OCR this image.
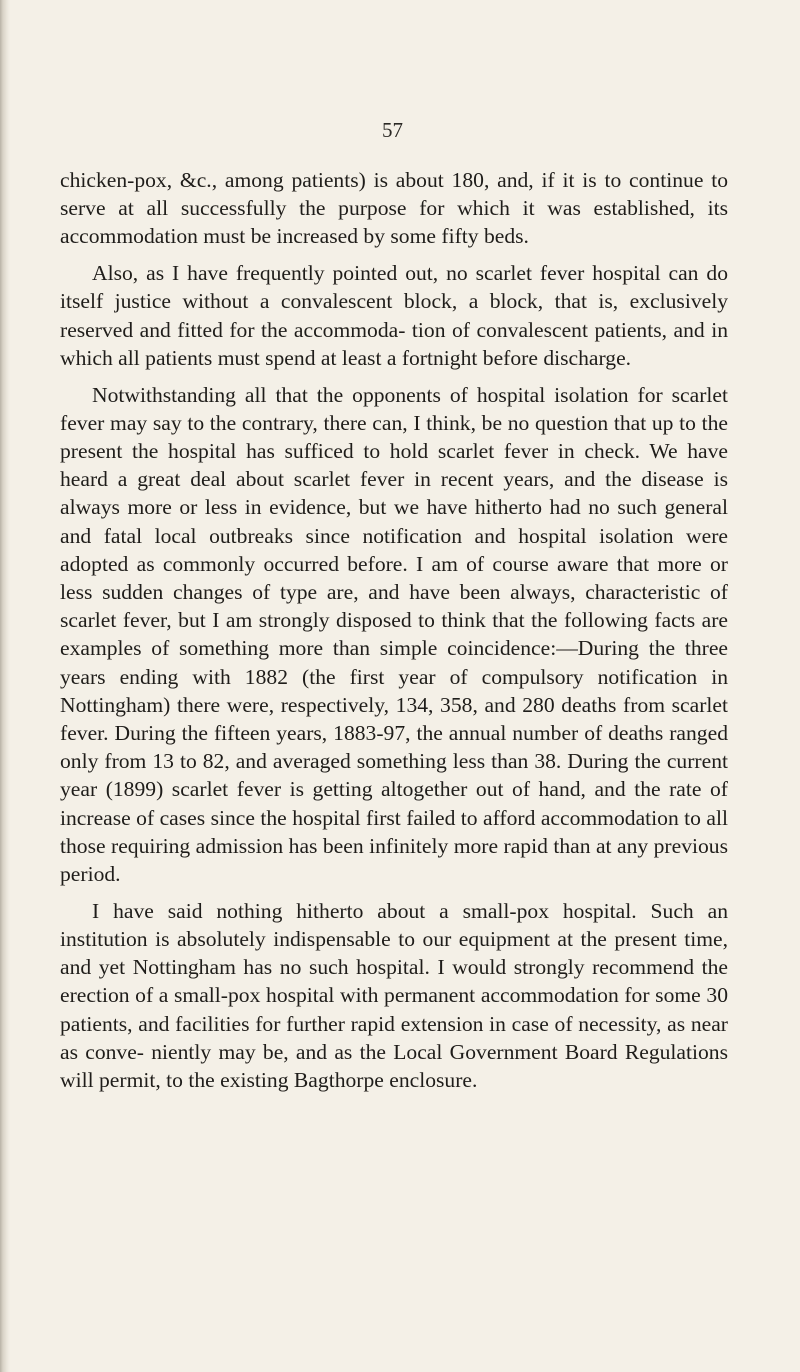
57

chicken-pox, &c., among patients) is about 180, and, if it is to continue to serve at all successfully the purpose for which it was established, its accommodation must be increased by some fifty beds.

Also, as I have frequently pointed out, no scarlet fever hospital can do itself justice without a convalescent block, a block, that is, exclusively reserved and fitted for the accommoda- tion of convalescent patients, and in which all patients must spend at least a fortnight before discharge.

Notwithstanding all that the opponents of hospital isolation for scarlet fever may say to the contrary, there can, I think, be no question that up to the present the hospital has sufficed to hold scarlet fever in check. We have heard a great deal about scarlet fever in recent years, and the disease is always more or less in evidence, but we have hitherto had no such general and fatal local outbreaks since notification and hospital isolation were adopted as commonly occurred before. I am of course aware that more or less sudden changes of type are, and have been always, characteristic of scarlet fever, but I am strongly disposed to think that the following facts are examples of something more than simple coincidence:—During the three years ending with 1882 (the first year of compulsory notification in Nottingham) there were, respectively, 134, 358, and 280 deaths from scarlet fever. During the fifteen years, 1883-97, the annual number of deaths ranged only from 13 to 82, and averaged something less than 38. During the current year (1899) scarlet fever is getting altogether out of hand, and the rate of increase of cases since the hospital first failed to afford accommodation to all those requiring admission has been infinitely more rapid than at any previous period.

I have said nothing hitherto about a small-pox hospital. Such an institution is absolutely indispensable to our equipment at the present time, and yet Nottingham has no such hospital. I would strongly recommend the erection of a small-pox hospital with permanent accommodation for some 30 patients, and facilities for further rapid extension in case of necessity, as near as conve- niently may be, and as the Local Government Board Regulations will permit, to the existing Bagthorpe enclosure.
